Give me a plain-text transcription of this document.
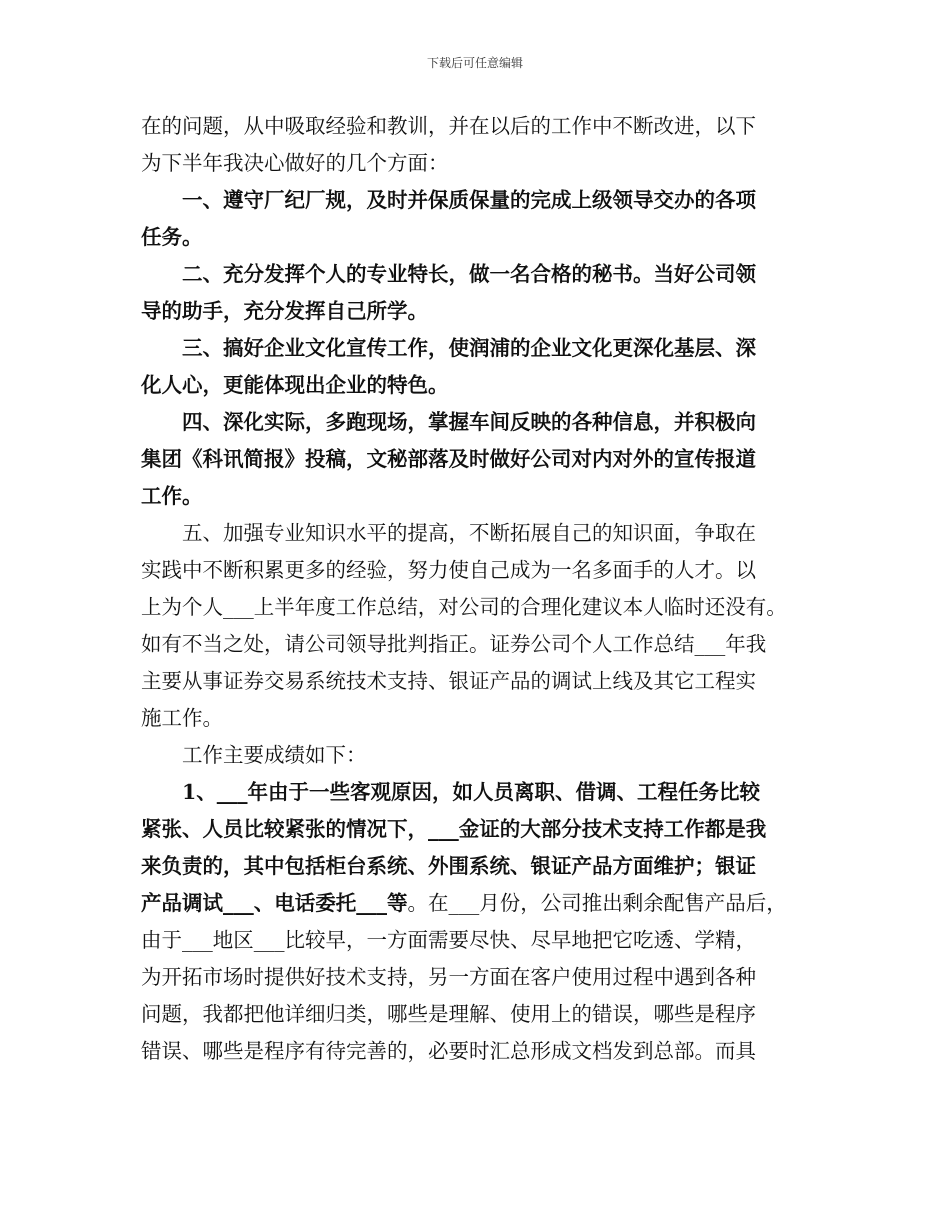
下载后可任意编辑
在的问题，从中吸取经验和教训，并在以后的工作中不断改进，以下
为下半年我决心做好的几个方面：
一、遵守厂纪厂规，及时并保质保量的完成上级领导交办的各项
任务。
二、充分发挥个人的专业特长，做一名合格的秘书。当好公司领
导的助手，充分发挥自己所学。
三、搞好企业文化宣传工作，使润浦的企业文化更深化基层、深
化人心，更能体现出企业的特色。
四、深化实际，多跑现场，掌握车间反映的各种信息，并积极向
集团《科讯简报》投稿，文秘部落及时做好公司对内对外的宣传报道
工作。
五、加强专业知识水平的提高，不断拓展自己的知识面，争取在
实践中不断积累更多的经验，努力使自己成为一名多面手的人才。以
上为个人___上半年度工作总结，对公司的合理化建议本人临时还没有。
如有不当之处，请公司领导批判指正。证券公司个人工作总结___年我
主要从事证券交易系统技术支持、银证产品的调试上线及其它工程实
施工作。
工作主要成绩如下：
1、___年由于一些客观原因，如人员离职、借调、工程任务比较
紧张、人员比较紧张的情况下，___金证的大部分技术支持工作都是我
来负责的，其中包括柜台系统、外围系统、银证产品方面维护；银证
产品调试___、电话委托___等。在___月份，公司推出剩余配售产品后，
由于___地区___比较早，一方面需要尽快、尽早地把它吃透、学精，
为开拓市场时提供好技术支持，另一方面在客户使用过程中遇到各种
问题，我都把他详细归类，哪些是理解、使用上的错误，哪些是程序
错误、哪些是程序有待完善的，必要时汇总形成文档发到总部。而具
